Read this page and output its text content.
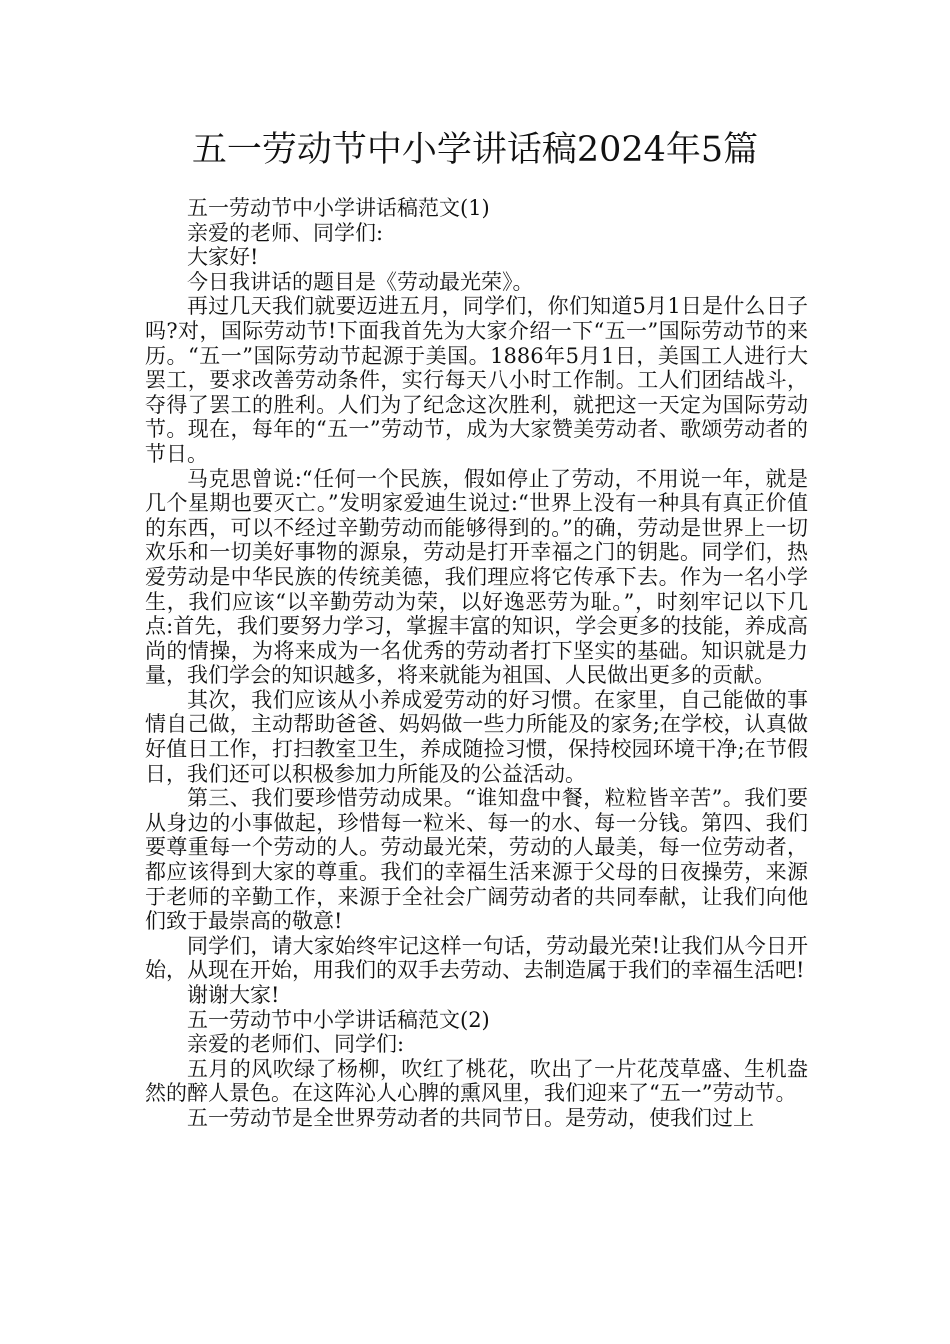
五一劳动节中小学讲话稿2024年5篇

五一劳动节中小学讲话稿范文(1)

亲爱的老师、同学们:

大家好!

今日我讲话的题目是《劳动最光荣》。

再过几天我们就要迈进五月，同学们，你们知道5月1日是什么日子吗?对，国际劳动节!下面我首先为大家介绍一下“五一”国际劳动节的来历。“五一”国际劳动节起源于美国。1886年5月1日，美国工人进行大罢工，要求改善劳动条件，实行每天八小时工作制。工人们团结战斗，夺得了罢工的胜利。人们为了纪念这次胜利，就把这一天定为国际劳动节。现在，每年的“五一”劳动节，成为大家赞美劳动者、歌颂劳动者的节日。

马克思曾说:“任何一个民族，假如停止了劳动，不用说一年，就是几个星期也要灭亡。”发明家爱迪生说过:“世界上没有一种具有真正价值的东西，可以不经过辛勤劳动而能够得到的。”的确，劳动是世界上一切欢乐和一切美好事物的源泉，劳动是打开幸福之门的钥匙。同学们，热爱劳动是中华民族的传统美德，我们理应将它传承下去。作为一名小学生，我们应该“以辛勤劳动为荣，以好逸恶劳为耻。”，时刻牢记以下几点:首先，我们要努力学习，掌握丰富的知识，学会更多的技能，养成高尚的情操，为将来成为一名优秀的劳动者打下坚实的基础。知识就是力量，我们学会的知识越多，将来就能为祖国、人民做出更多的贡献。

其次，我们应该从小养成爱劳动的好习惯。在家里，自己能做的事情自己做，主动帮助爸爸、妈妈做一些力所能及的家务;在学校，认真做好值日工作，打扫教室卫生，养成随捡习惯，保持校园环境干净;在节假日，我们还可以积极参加力所能及的公益活动。

第三、我们要珍惜劳动成果。“谁知盘中餐，粒粒皆辛苦”。我们要从身边的小事做起，珍惜每一粒米、每一的水、每一分钱。第四、我们要尊重每一个劳动的人。劳动最光荣，劳动的人最美，每一位劳动者，都应该得到大家的尊重。我们的幸福生活来源于父母的日夜操劳，来源于老师的辛勤工作，来源于全社会广阔劳动者的共同奉献，让我们向他们致于最崇高的敬意!

同学们，请大家始终牢记这样一句话，劳动最光荣!让我们从今日开始，从现在开始，用我们的双手去劳动、去制造属于我们的幸福生活吧!

谢谢大家!

五一劳动节中小学讲话稿范文(2)

亲爱的老师们、同学们:

五月的风吹绿了杨柳，吹红了桃花，吹出了一片花茂草盛、生机盎然的醉人景色。在这阵沁人心脾的熏风里，我们迎来了“五一”劳动节。

五一劳动节是全世界劳动者的共同节日。是劳动，使我们过上
